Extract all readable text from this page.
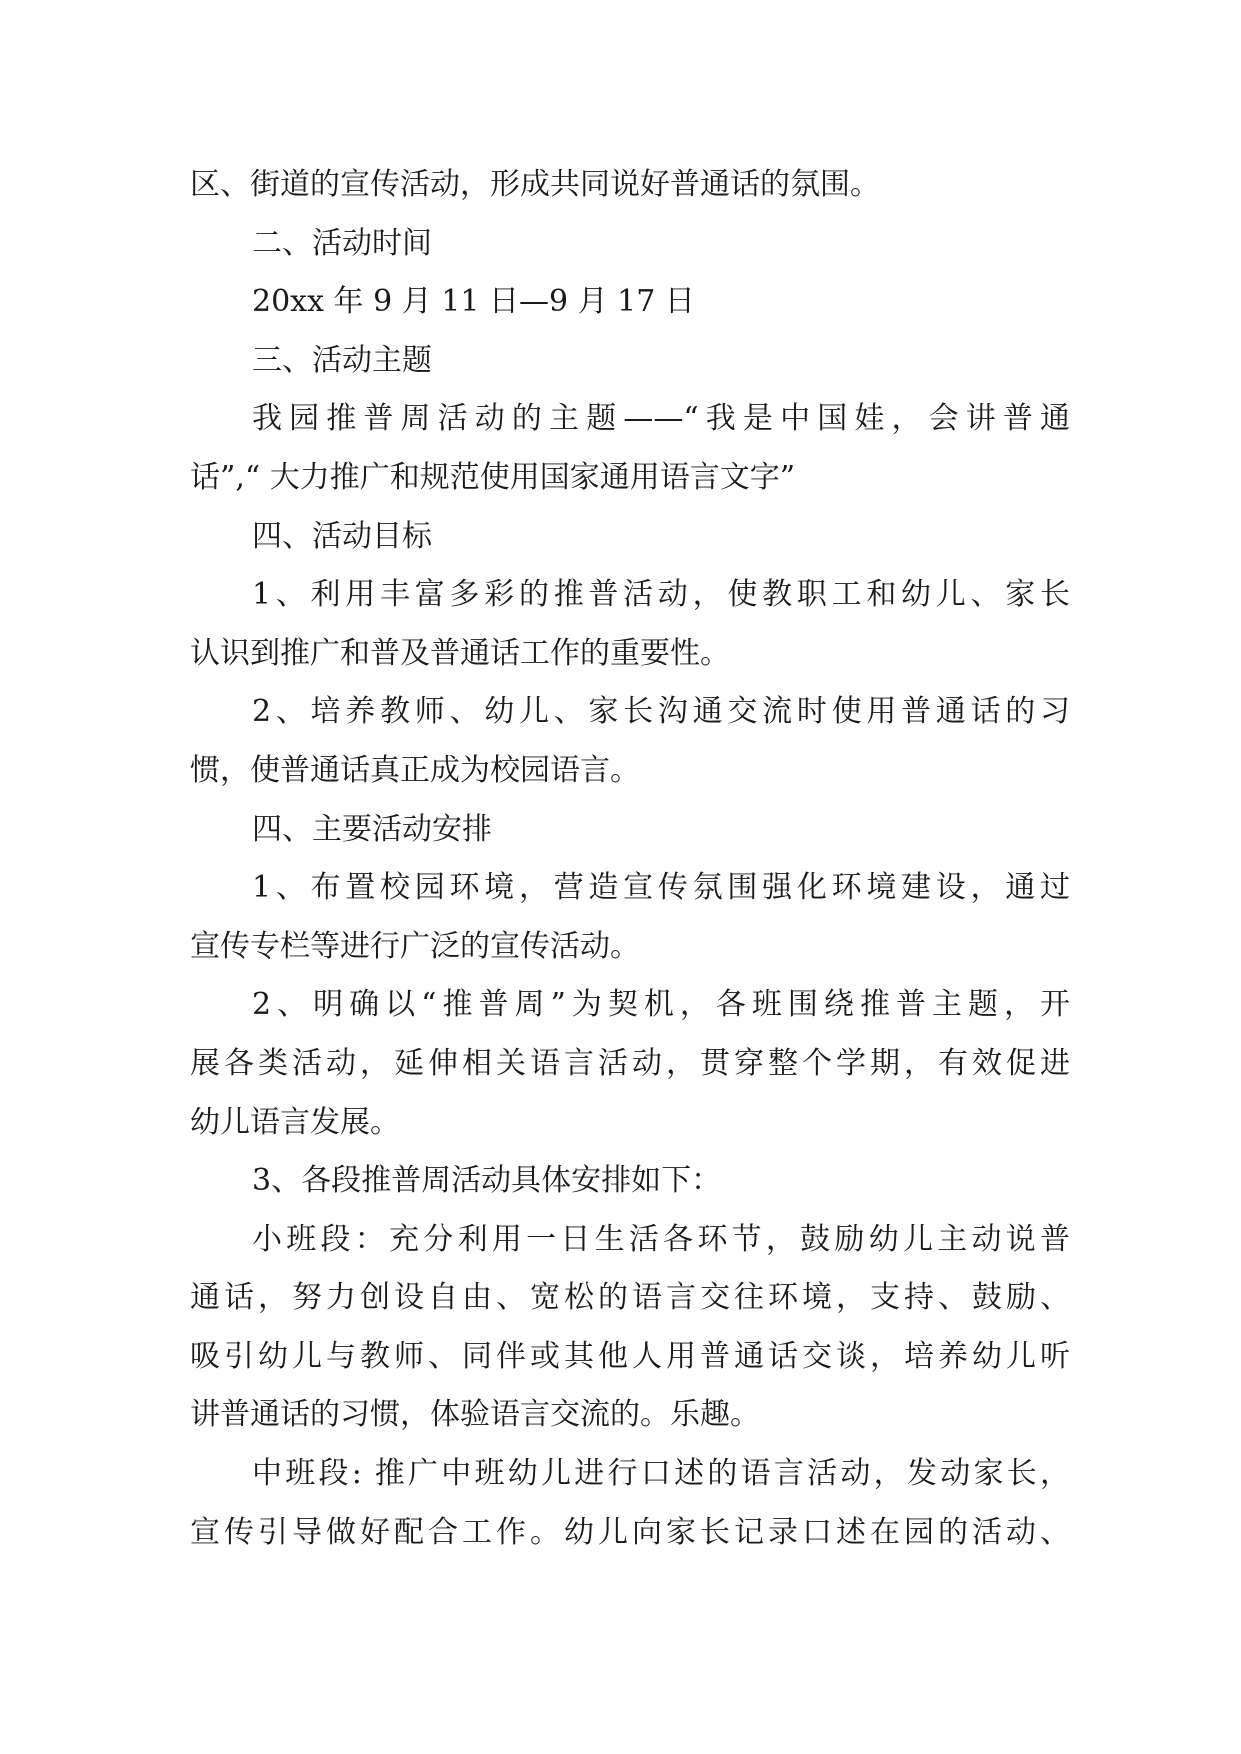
区、街道的宣传活动，形成共同说好普通话的氛围。
二、活动时间
20xx 年 9 月 11 日—9 月 17 日
三、活动主题
我园推普周活动的主题——“我是中国娃，会讲普通
话”,“ 大力推广和规范使用国家通用语言文字”
四、活动目标
1、利用丰富多彩的推普活动，使教职工和幼儿、家长
认识到推广和普及普通话工作的重要性。
2、培养教师、幼儿、家长沟通交流时使用普通话的习
惯，使普通话真正成为校园语言。
四、主要活动安排
1、布置校园环境，营造宣传氛围强化环境建设，通过
宣传专栏等进行广泛的宣传活动。
2、明确以“推普周”为契机，各班围绕推普主题，开
展各类活动，延伸相关语言活动，贯穿整个学期，有效促进
幼儿语言发展。
3、各段推普周活动具体安排如下：
小班段：充分利用一日生活各环节，鼓励幼儿主动说普
通话，努力创设自由、宽松的语言交往环境，支持、鼓励、
吸引幼儿与教师、同伴或其他人用普通话交谈，培养幼儿听
讲普通话的习惯，体验语言交流的。乐趣。
中班段: 推广中班幼儿进行口述的语言活动，发动家长，
宣传引导做好配合工作。幼儿向家长记录口述在园的活动、
